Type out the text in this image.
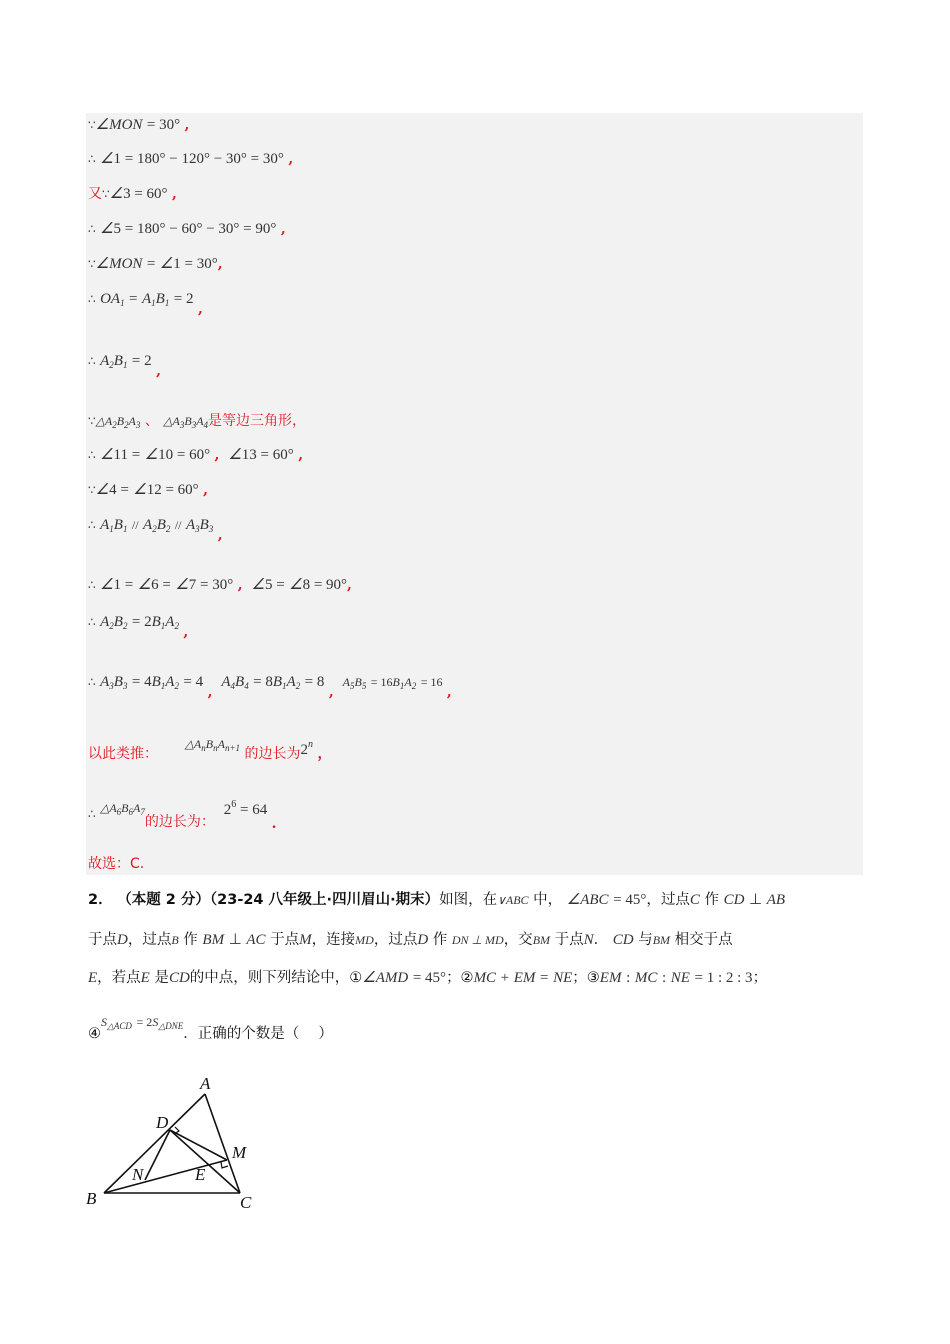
∵∠MON = 30° ,
∴ ∠1 = 180° − 120° − 30° = 30° ,
又∵∠3 = 60° ,
∴ ∠5 = 180° − 60° − 30° = 90° ,
∵∠MON = ∠1 = 30°,
∴ $OA_1 = A_1B_1 = 2$ ,
∴ $A_2B_1 = 2$ ,
$\because\triangle A_2B_2A_3$ 、 $\triangle A_3B_3A_4$是等边三角形，
∴ ∠11 = ∠10 = 60° , ∠13 = 60° ,
∵∠4 = ∠12 = 60° ,
∴ $A_1B_1 // A_2B_2 // A_3B_3$ ,
∴ ∠1 = ∠6 = ∠7 = 30° , ∠5 = ∠8 = 90°,
∴ $A_2B_2 = 2B_1A_2$ ,
∴ $A_3B_3 = 4B_1A_2 = 4$ ,  $A_4B_4 = 8B_1A_2 = 8$ ,  $A_5B_5 = 16B_1A_2 = 16$ ,
以此类推：      $\triangle A_nB_nA_{n+1}$ 的边长为2$^n$ ，
∴ $\triangle A_6B_6A_7$的边长为：  $2^6 = 64$ .
故选：C.
2． （本题 2 分）（23-24 八年级上·四川眉山·期末）如图，在∨ABC 中， ∠ABC = 45°，过点C 作 CD ⊥ AB
于点D，过点B 作 BM ⊥ AC 于点M，连接MD，过点D 作 DN ⊥ MD，交BM 于点N． CD 与BM 相交于点
E，若点E 是CD的中点，则下列结论中，①∠AMD = 45°；②MC + EM = NE；③EM : MC : NE = 1 : 2 : 3；
④$^{S_{\triangle ACD}}$ $^{= 2S_{\triangle DNE}}$．正确的个数是（　 ）
A
D
M
N	E
B	C
